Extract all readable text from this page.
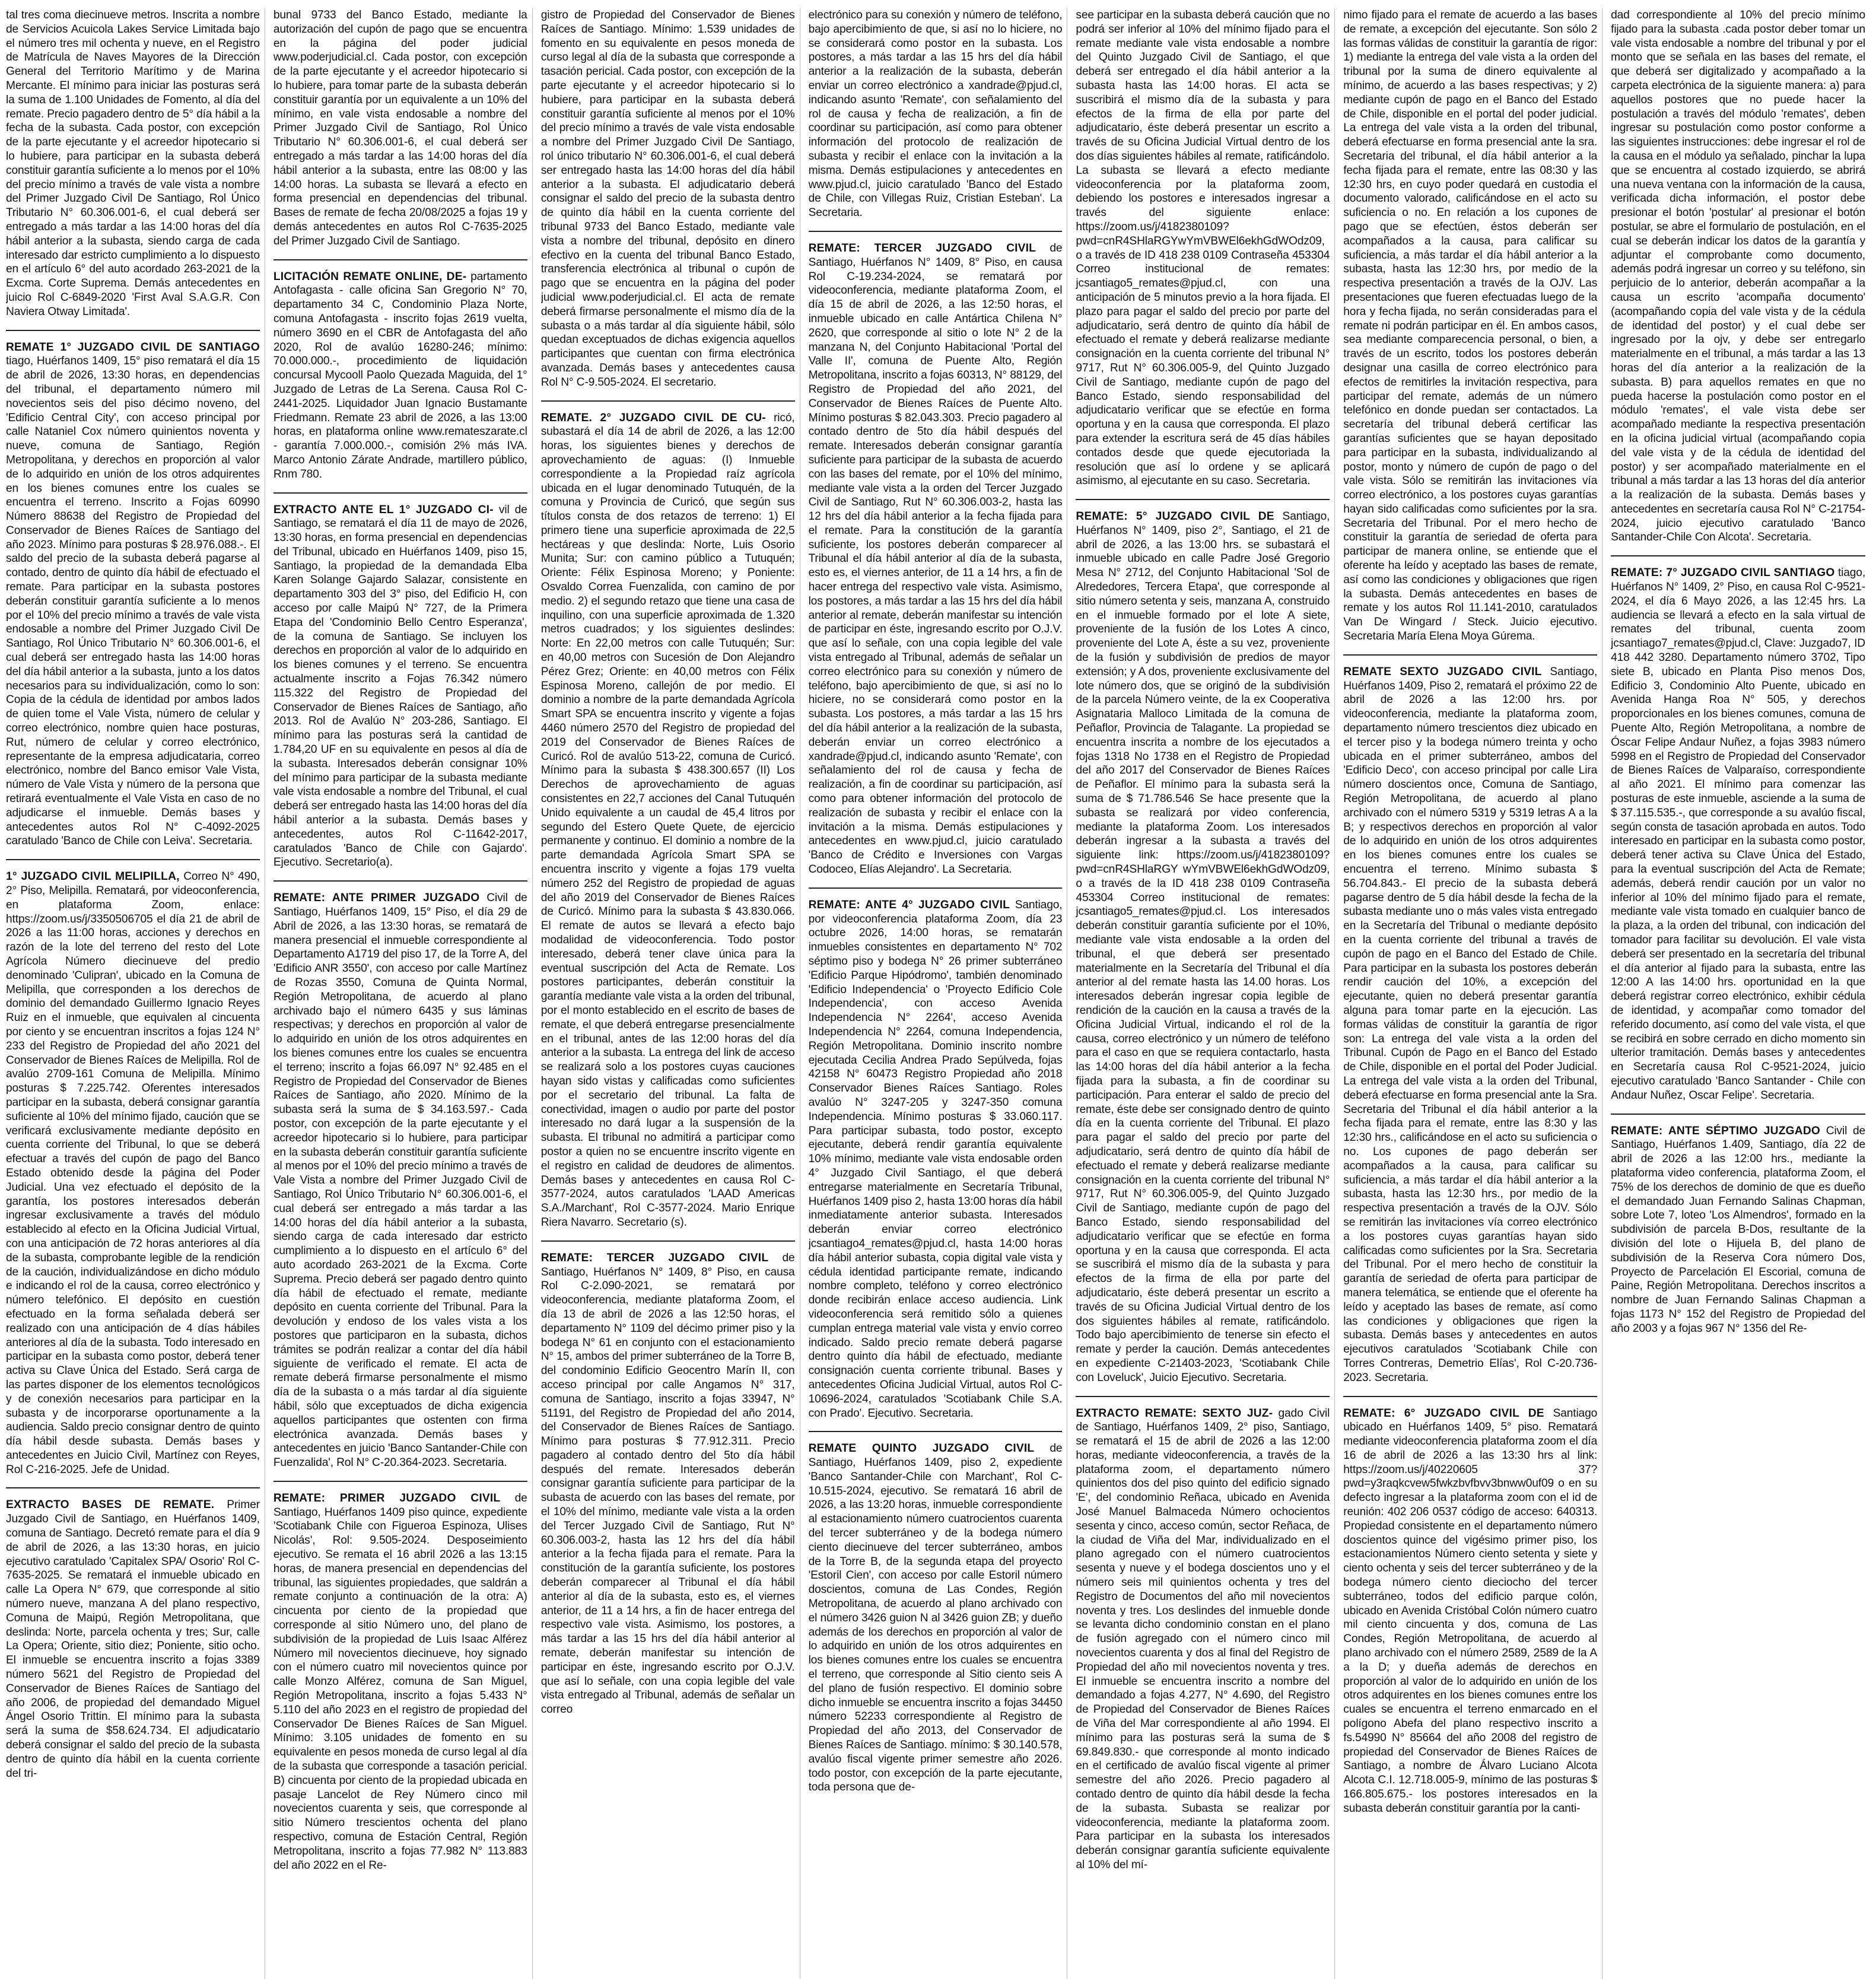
tal tres coma diecinueve metros. Inscrita a nombre de Servicios Acuicola Lakes Service Limitada bajo el número tres mil ochenta y nueve, en el Registro de Matrícula de Naves Mayores de la Dirección General del Territorio Marítimo y de Marina Mercante. El mínimo para iniciar las posturas será la suma de 1.100 Unidades de Fomento, al día del remate. Precio pagadero dentro de 5° día hábil a la fecha de la subasta. Cada postor, con excepción de la parte ejecutante y el acreedor hipotecario si lo hubiere, para participar en la subasta deberá constituir garantía suficiente a lo menos por el 10% del precio mínimo a través de vale vista a nombre del Primer Juzgado Civil De Santiago, Rol Único Tributario N° 60.306.001-6, el cual deberá ser entregado a más tardar a las 14:00 horas del día hábil anterior a la subasta, siendo carga de cada interesado dar estricto cumplimiento a lo dispuesto en el artículo 6° del auto acordado 263-2021 de la Excma. Corte Suprema. Demás antecedentes en juicio Rol C-6849-2020 'First Aval S.A.G.R. Con Naviera Otway Limitada'.

REMATE 1° JUZGADO CIVIL DE SANTIAGO tiago, Huérfanos 1409, 15° piso rematará el día 15 de abril de 2026, 13:30 horas, en dependencias del tribunal, el departamento número mil novecientos seis del piso décimo noveno, del 'Edificio Central City', con acceso principal por calle Nataniel Cox número quinientos noventa y nueve, comuna de Santiago, Región Metropolitana, y derechos en proporción al valor de lo adquirido en unión de los otros adquirentes en los bienes comunes entre los cuales se encuentra el terreno. Inscrito a Fojas 60990 Número 88638 del Registro de Propiedad del Conservador de Bienes Raíces de Santiago del año 2023. Mínimo para posturas $ 28.976.088.-. El saldo del precio de la subasta deberá pagarse al contado, dentro de quinto día hábil de efectuado el remate. Para participar en la subasta postores deberán constituir garantía suficiente a lo menos por el 10% del precio mínimo a través de vale vista endosable a nombre del Primer Juzgado Civil De Santiago, Rol Único Tributario N° 60.306.001-6, el cual deberá ser entregado hasta las 14:00 horas del día hábil anterior a la subasta, junto a los datos necesarios para su individualización, como lo son: Copia de la cédula de identidad por ambos lados de quien tome el Vale Vista, número de celular y correo electrónico, nombre quien hace posturas, Rut, número de celular y correo electrónico, representante de la empresa adjudicataria, correo electrónico, nombre del Banco emisor Vale Vista, número de Vale Vista y número de la persona que retirará eventualmente el Vale Vista en caso de no adjudicarse el inmueble. Demás bases y antecedentes autos Rol N° C-4092-2025 caratulado 'Banco de Chile con Leiva'. Secretaria.

1° JUZGADO CIVIL MELIPILLA, Correo N° 490, 2° Piso, Melipilla. Rematará, por videoconferencia, en plataforma Zoom, enlace: https://zoom.us/j/3350506705 el día 21 de abril de 2026 a las 11:00 horas, acciones y derechos en razón de la lote del terreno del resto del Lote Agrícola Número diecinueve del predio denominado 'Culipran', ubicado en la Comuna de Melipilla, que corresponden a los derechos de dominio del demandado Guillermo Ignacio Reyes Ruiz en el inmueble, que equivalen al cincuenta por ciento y se encuentran inscritos a fojas 124 N° 233 del Registro de Propiedad del año 2021 del Conservador de Bienes Raíces de Melipilla. Rol de avalúo 2709-161 Comuna de Melipilla. Mínimo posturas $ 7.225.742. Oferentes interesados participar en la subasta, deberá consignar garantía suficiente al 10% del mínimo fijado, caución que se verificará exclusivamente mediante depósito en cuenta corriente del Tribunal, lo que se deberá efectuar a través del cupón de pago del Banco Estado obtenido desde la página del Poder Judicial. Una vez efectuado el depósito de la garantía, los postores interesados deberán ingresar exclusivamente a través del módulo establecido al efecto en la Oficina Judicial Virtual, con una anticipación de 72 horas anteriores al día de la subasta, comprobante legible de la rendición de la caución, individualizándose en dicho módulo e indicando el rol de la causa, correo electrónico y número telefónico. El depósito en cuestión efectuado en la forma señalada deberá ser realizado con una anticipación de 4 días hábiles anteriores al día de la subasta. Todo interesado en participar en la subasta como postor, deberá tener activa su Clave Única del Estado. Será carga de las partes disponer de los elementos tecnológicos y de conexión necesarios para participar en la subasta y de incorporarse oportunamente a la audiencia. Saldo precio consignar dentro de quinto día hábil desde subasta. Demás bases y antecedentes en Juicio Civil, Martínez con Reyes, Rol C-216-2025. Jefe de Unidad.

EXTRACTO BASES DE REMATE. Primer Juzgado Civil de Santiago, en Huérfanos 1409, comuna de Santiago. Decretó remate para el día 9 de abril de 2026, a las 13:30 horas, en juicio ejecutivo caratulado 'Capitalex SPA/ Osorio' Rol C-7635-2025. Se rematará el inmueble ubicado en calle La Opera N° 679, que corresponde al sitio número nueve, manzana A del plano respectivo, Comuna de Maipú, Región Metropolitana, que deslinda: Norte, parcela ochenta y tres; Sur, calle La Opera; Oriente, sitio diez; Poniente, sitio ocho. El inmueble se encuentra inscrito a fojas 3389 número 5621 del Registro de Propiedad del Conservador de Bienes Raíces de Santiago del año 2006, de propiedad del demandado Miguel Ángel Osorio Trittin. El mínimo para la subasta será la suma de $58.624.734. El adjudicatario deberá consignar el saldo del precio de la subasta dentro de quinto día hábil en la cuenta corriente del tri-

bunal 9733 del Banco Estado, mediante la autorización del cupón de pago que se encuentra en la página del poder judicial www.poderjudicial.cl. Cada postor, con excepción de la parte ejecutante y el acreedor hipotecario si lo hubiere, para tomar parte de la subasta deberán constituir garantía por un equivalente a un 10% del mínimo, en vale vista endosable a nombre del Primer Juzgado Civil de Santiago, Rol Único Tributario N° 60.306.001-6, el cual deberá ser entregado a más tardar a las 14:00 horas del día hábil anterior a la subasta, entre las 08:00 y las 14:00 horas. La subasta se llevará a efecto en forma presencial en dependencias del tribunal. Bases de remate de fecha 20/08/2025 a fojas 19 y demás antecedentes en autos Rol C-7635-2025 del Primer Juzgado Civil de Santiago.

LICITACIÓN REMATE ONLINE, DE- partamento Antofagasta - calle oficina San Gregorio N° 70, departamento 34 C, Condominio Plaza Norte, comuna Antofagasta - inscrito fojas 2619 vuelta, número 3690 en el CBR de Antofagasta del año 2020, Rol de avalúo 16280-246; mínimo: 70.000.000.-, procedimiento de liquidación concursal Mycooll Paolo Quezada Maguida, del 1° Juzgado de Letras de La Serena. Causa Rol C-2441-2025. Liquidador Juan Ignacio Bustamante Friedmann. Remate 23 abril de 2026, a las 13:00 horas, en plataforma online www.remateszarate.cl - garantía 7.000.000.-, comisión 2% más IVA. Marco Antonio Zárate Andrade, martillero público, Rnm 780.

EXTRACTO ANTE EL 1° JUZGADO CI- vil de Santiago, se rematará el día 11 de mayo de 2026, 13:30 horas, en forma presencial en dependencias del Tribunal, ubicado en Huérfanos 1409, piso 15, Santiago, la propiedad de la demandada Elba Karen Solange Gajardo Salazar, consistente en departamento 303 del 3° piso, del Edificio H, con acceso por calle Maipú N° 727, de la Primera Etapa del 'Condominio Bello Centro Esperanza', de la comuna de Santiago. Se incluyen los derechos en proporción al valor de lo adquirido en los bienes comunes y el terreno. Se encuentra actualmente inscrito a Fojas 76.342 número 115.322 del Registro de Propiedad del Conservador de Bienes Raíces de Santiago, año 2013. Rol de Avalúo N° 203-286, Santiago. El mínimo para las posturas será la cantidad de 1.784,20 UF en su equivalente en pesos al día de la subasta. Interesados deberán consignar 10% del mínimo para participar de la subasta mediante vale vista endosable a nombre del Tribunal, el cual deberá ser entregado hasta las 14:00 horas del día hábil anterior a la subasta. Demás bases y antecedentes, autos Rol C-11642-2017, caratulados 'Banco de Chile con Gajardo'. Ejecutivo. Secretario(a).

REMATE: ANTE PRIMER JUZGADO Civil de Santiago, Huérfanos 1409, 15° Piso, el día 29 de Abril de 2026, a las 13:30 horas, se rematará de manera presencial el inmueble correspondiente al Departamento A1719 del piso 17, de la Torre A, del 'Edificio ANR 3550', con acceso por calle Martínez de Rozas 3550, Comuna de Quinta Normal, Región Metropolitana, de acuerdo al plano archivado bajo el número 6435 y sus láminas respectivas; y derechos en proporción al valor de lo adquirido en unión de los otros adquirentes en los bienes comunes entre los cuales se encuentra el terreno; inscrito a fojas 66.097 N° 92.485 en el Registro de Propiedad del Conservador de Bienes Raíces de Santiago, año 2020. Mínimo de la subasta será la suma de $ 34.163.597.- Cada postor, con excepción de la parte ejecutante y el acreedor hipotecario si lo hubiere, para participar en la subasta deberán constituir garantía suficiente al menos por el 10% del precio mínimo a través de Vale Vista a nombre del Primer Juzgado Civil de Santiago, Rol Único Tributario N° 60.306.001-6, el cual deberá ser entregado a más tardar a las 14:00 horas del día hábil anterior a la subasta, siendo carga de cada interesado dar estricto cumplimiento a lo dispuesto en el artículo 6° del auto acordado 263-2021 de la Excma. Corte Suprema. Precio deberá ser pagado dentro quinto día hábil de efectuado el remate, mediante depósito en cuenta corriente del Tribunal. Para la devolución y endoso de los vales vista a los postores que participaron en la subasta, dichos trámites se podrán realizar a contar del día hábil siguiente de verificado el remate. El acta de remate deberá firmarse personalmente el mismo día de la subasta o a más tardar al día siguiente hábil, sólo que exceptuados de dicha exigencia aquellos participantes que ostenten con firma electrónica avanzada. Demás bases y antecedentes en juicio 'Banco Santander-Chile con Fuenzalida', Rol N° C-20.364-2023. Secretaria.

REMATE: PRIMER JUZGADO CIVIL de Santiago, Huérfanos 1409 piso quince, expediente 'Scotiabank Chile con Figueroa Espinoza, Ulises Nicolás', Rol: 9.505-2024. Desposeimiento ejecutivo. Se remata el 16 abril 2026 a las 13:15 horas, de manera presencial en dependencias del tribunal, las siguientes propiedades, que saldrán a remate conjunto a continuación de la otra: A) cincuenta por ciento de la propiedad que corresponde al sitio Número uno, del plano de subdivisión de la propiedad de Luis Isaac Alférez Número mil novecientos diecinueve, hoy signado con el número cuatro mil novecientos quince por calle Monzo Alférez, comuna de San Miguel, Región Metropolitana, inscrito a fojas 5.433 N° 5.110 del año 2023 en el registro de propiedad del Conservador De Bienes Raíces de San Miguel. Mínimo: 3.105 unidades de fomento en su equivalente en pesos moneda de curso legal al día de la subasta que corresponde a tasación pericial. B) cincuenta por ciento de la propiedad ubicada en pasaje Lancelot de Rey Número cinco mil novecientos cuarenta y seis, que corresponde al sitio Número trescientos ochenta del plano respectivo, comuna de Estación Central, Región Metropolitana, inscrito a fojas 77.982 N° 113.883 del año 2022 en el Re-

gistro de Propiedad del Conservador de Bienes Raíces de Santiago. Mínimo: 1.539 unidades de fomento en su equivalente en pesos moneda de curso legal al día de la subasta que corresponde a tasación pericial. Cada postor, con excepción de la parte ejecutante y el acreedor hipotecario si lo hubiere, para participar en la subasta deberá constituir garantía suficiente al menos por el 10% del precio mínimo a través de vale vista endosable a nombre del Primer Juzgado Civil De Santiago, rol único tributario N° 60.306.001-6, el cual deberá ser entregado hasta las 14:00 horas del día hábil anterior a la subasta. El adjudicatario deberá consignar el saldo del precio de la subasta dentro de quinto día hábil en la cuenta corriente del tribunal 9733 del Banco Estado, mediante vale vista a nombre del tribunal, depósito en dinero efectivo en la cuenta del tribunal Banco Estado, transferencia electrónica al tribunal o cupón de pago que se encuentra en la página del poder judicial www.poderjudicial.cl. El acta de remate deberá firmarse personalmente el mismo día de la subasta o a más tardar al día siguiente hábil, sólo quedan exceptuados de dichas exigencia aquellos participantes que cuentan con firma electrónica avanzada. Demás bases y antecedentes causa Rol N° C-9.505-2024. El secretario.

REMATE. 2° JUZGADO CIVIL DE CU- ricó, subastará el día 14 de abril de 2026, a las 12:00 horas, los siguientes bienes y derechos de aprovechamiento de aguas: (I) Inmueble correspondiente a la Propiedad raíz agrícola ubicada en el lugar denominado Tutuquén, de la comuna y Provincia de Curicó, que según sus títulos consta de dos retazos de terreno: 1) El primero tiene una superficie aproximada de 22,5 hectáreas y que deslinda: Norte, Luis Osorio Munita; Sur: con camino público a Tutuquén; Oriente: Félix Espinosa Moreno; y Poniente: Osvaldo Correa Fuenzalida, con camino de por medio. 2) el segundo retazo que tiene una casa de inquilino, con una superficie aproximada de 1.320 metros cuadrados; y los siguientes deslindes: Norte: En 22,00 metros con calle Tutuquén; Sur: en 40,00 metros con Sucesión de Don Alejandro Pérez Grez; Oriente: en 40,00 metros con Félix Espinosa Moreno, callejón de por medio. El dominio a nombre de la parte demandada Agrícola Smart SPA se encuentra inscrito y vigente a fojas 4460 número 2570 del Registro de propiedad del 2019 del Conservador de Bienes Raíces de Curicó. Rol de avalúo 513-22, comuna de Curicó. Mínimo para la subasta $ 438.300.657 (II) Los Derechos de aprovechamiento de aguas consistentes en 22,7 acciones del Canal Tutuquén Unido equivalente a un caudal de 45,4 litros por segundo del Estero Quete Quete, de ejercicio permanente y continuo. El dominio a nombre de la parte demandada Agrícola Smart SPA se encuentra inscrito y vigente a fojas 179 vuelta número 252 del Registro de propiedad de aguas del año 2019 del Conservador de Bienes Raíces de Curicó. Mínimo para la subasta $ 43.830.066. El remate de autos se llevará a efecto bajo modalidad de videoconferencia. Todo postor interesado, deberá tener clave única para la eventual suscripción del Acta de Remate. Los postores participantes, deberán constituir la garantía mediante vale vista a la orden del tribunal, por el monto establecido en el escrito de bases de remate, el que deberá entregarse presencialmente en el tribunal, antes de las 12:00 horas del día anterior a la subasta. La entrega del link de acceso se realizará solo a los postores cuyas cauciones hayan sido vistas y calificadas como suficientes por el secretario del tribunal. La falta de conectividad, imagen o audio por parte del postor interesado no dará lugar a la suspensión de la subasta. El tribunal no admitirá a participar como postor a quien no se encuentre inscrito vigente en el registro en calidad de deudores de alimentos. Demás bases y antecedentes en causa Rol C-3577-2024, autos caratulados 'LAAD Americas S.A./Marchant', Rol C-3577-2024. Mario Enrique Riera Navarro. Secretario (s).

REMATE: TERCER JUZGADO CIVIL de Santiago, Huérfanos N° 1409, 8° Piso, en causa Rol C-2.090-2021, se rematará por videoconferencia, mediante plataforma Zoom, el día 13 de abril de 2026 a las 12:50 horas, el departamento N° 1109 del décimo primer piso y la bodega N° 61 en conjunto con el estacionamiento N° 15, ambos del primer subterráneo de la Torre B, del condominio Edificio Geocentro Marín II, con acceso principal por calle Angamos N° 317, comuna de Santiago, inscrito a fojas 33947, N° 51191, del Registro de Propiedad del año 2014, del Conservador de Bienes Raíces de Santiago. Mínimo para posturas $ 77.912.311. Precio pagadero al contado dentro del 5to día hábil después del remate. Interesados deberán consignar garantía suficiente para participar de la subasta de acuerdo con las bases del remate, por el 10% del mínimo, mediante vale vista a la orden del Tercer Juzgado Civil de Santiago, Rut N° 60.306.003-2, hasta las 12 hrs del día hábil anterior a la fecha fijada para el remate. Para la constitución de la garantía suficiente, los postores deberán comparecer al Tribunal el día hábil anterior al día de la subasta, esto es, el viernes anterior, de 11 a 14 hrs, a fin de hacer entrega del respectivo vale vista. Asimismo, los postores, a más tardar a las 15 hrs del día hábil anterior al remate, deberán manifestar su intención de participar en éste, ingresando escrito por O.J.V. que así lo señale, con una copia legible del vale vista entregado al Tribunal, además de señalar un correo

electrónico para su conexión y número de teléfono, bajo apercibimiento de que, si así no lo hiciere, no se considerará como postor en la subasta. Los postores, a más tardar a las 15 hrs del día hábil anterior a la realización de la subasta, deberán enviar un correo electrónico a xandrade@pjud.cl, indicando asunto 'Remate', con señalamiento del rol de causa y fecha de realización, a fin de coordinar su participación, así como para obtener información del protocolo de realización de subasta y recibir el enlace con la invitación a la misma. Demás estipulaciones y antecedentes en www.pjud.cl, juicio caratulado 'Banco del Estado de Chile, con Villegas Ruiz, Cristian Esteban'. La Secretaria.

REMATE: TERCER JUZGADO CIVIL de Santiago, Huérfanos N° 1409, 8° Piso, en causa Rol C-19.234-2024, se rematará por videoconferencia, mediante plataforma Zoom, el día 15 de abril de 2026, a las 12:50 horas, el inmueble ubicado en calle Antártica Chilena N° 2620, que corresponde al sitio o lote N° 2 de la manzana N, del Conjunto Habitacional 'Portal del Valle II', comuna de Puente Alto, Región Metropolitana, inscrito a fojas 60313, N° 88129, del Registro de Propiedad del año 2021, del Conservador de Bienes Raíces de Puente Alto. Mínimo posturas $ 82.043.303. Precio pagadero al contado dentro de 5to día hábil después del remate. Interesados deberán consignar garantía suficiente para participar de la subasta de acuerdo con las bases del remate, por el 10% del mínimo, mediante vale vista a la orden del Tercer Juzgado Civil de Santiago, Rut N° 60.306.003-2, hasta las 12 hrs del día hábil anterior a la fecha fijada para el remate. Para la constitución de la garantía suficiente, los postores deberán comparecer al Tribunal el día hábil anterior al día de la subasta, esto es, el viernes anterior, de 11 a 14 hrs, a fin de hacer entrega del respectivo vale vista. Asimismo, los postores, a más tardar a las 15 hrs del día hábil anterior al remate, deberán manifestar su intención de participar en éste, ingresando escrito por O.J.V. que así lo señale, con una copia legible del vale vista entregado al Tribunal, además de señalar un correo electrónico para su conexión y número de teléfono, bajo apercibimiento de que, si así no lo hiciere, no se considerará como postor en la subasta. Los postores, a más tardar a las 15 hrs del día hábil anterior a la realización de la subasta, deberán enviar un correo electrónico a xandrade@pjud.cl, indicando asunto 'Remate', con señalamiento del rol de causa y fecha de realización, a fin de coordinar su participación, así como para obtener información del protocolo de realización de subasta y recibir el enlace con la invitación a la misma. Demás estipulaciones y antecedentes en www.pjud.cl, juicio caratulado 'Banco de Crédito e Inversiones con Vargas Codoceo, Elías Alejandro'. La Secretaria.

REMATE: ANTE 4° JUZGADO CIVIL Santiago, por videoconferencia plataforma Zoom, día 23 octubre 2026, 14:00 horas, se rematarán inmuebles consistentes en departamento N° 702 séptimo piso y bodega N° 26 primer subterráneo 'Edificio Parque Hipódromo', también denominado 'Edificio Independencia' o 'Proyecto Edificio Cole Independencia', con acceso Avenida Independencia N° 2264', acceso Avenida Independencia N° 2264, comuna Independencia, Región Metropolitana. Dominio inscrito nombre ejecutada Cecilia Andrea Prado Sepúlveda, fojas 42158 N° 60473 Registro Propiedad año 2018 Conservador Bienes Raíces Santiago. Roles avalúo N° 3247-205 y 3247-350 comuna Independencia. Mínimo posturas $ 33.060.117. Para participar subasta, todo postor, excepto ejecutante, deberá rendir garantía equivalente 10% mínimo, mediante vale vista endosable orden 4° Juzgado Civil Santiago, el que deberá entregarse materialmente en Secretaría Tribunal, Huérfanos 1409 piso 2, hasta 13:00 horas día hábil inmediatamente anterior subasta. Interesados deberán enviar correo electrónico jcsantiago4_remates@pjud.cl, hasta 14:00 horas día hábil anterior subasta, copia digital vale vista y cédula identidad participante remate, indicando nombre completo, teléfono y correo electrónico donde recibirán enlace acceso audiencia. Link videoconferencia será remitido sólo a quienes cumplan entrega material vale vista y envío correo indicado. Saldo precio remate deberá pagarse dentro quinto día hábil de efectuado, mediante consignación cuenta corriente tribunal. Bases y antecedentes Oficina Judicial Virtual, autos Rol C-10696-2024, caratulados 'Scotiabank Chile S.A. con Prado'. Ejecutivo. Secretaria.

REMATE QUINTO JUZGADO CIVIL de Santiago, Huérfanos 1409, piso 2, expediente 'Banco Santander-Chile con Marchant', Rol C-10.515-2024, ejecutivo. Se rematará 16 abril de 2026, a las 13:20 horas, inmueble correspondiente al estacionamiento número cuatrocientos cuarenta del tercer subterráneo y de la bodega número ciento diecinueve del tercer subterráneo, ambos de la Torre B, de la segunda etapa del proyecto 'Estoril Cien', con acceso por calle Estoril número doscientos, comuna de Las Condes, Región Metropolitana, de acuerdo al plano archivado con el número 3426 guion N al 3426 guion ZB; y dueño además de los derechos en proporción al valor de lo adquirido en unión de los otros adquirentes en los bienes comunes entre los cuales se encuentra el terreno, que corresponde al Sitio ciento seis A del plano de fusión respectivo. El dominio sobre dicho inmueble se encuentra inscrito a fojas 34450 número 52233 correspondiente al Registro de Propiedad del año 2013, del Conservador de Bienes Raíces de Santiago. mínimo: $ 30.140.578, avalúo fiscal vigente primer semestre año 2026. todo postor, con excepción de la parte ejecutante, toda persona que de-

see participar en la subasta deberá caución que no podrá ser inferior al 10% del mínimo fijado para el remate mediante vale vista endosable a nombre del Quinto Juzgado Civil de Santiago, el que deberá ser entregado el día hábil anterior a la subasta hasta las 14:00 horas. El acta se suscribirá el mismo día de la subasta y para efectos de la firma de ella por parte del adjudicatario, éste deberá presentar un escrito a través de su Oficina Judicial Virtual dentro de los dos días siguientes hábiles al remate, ratificándolo. La subasta se llevará a efecto mediante videoconferencia por la plataforma zoom, debiendo los postores e interesados ingresar a través del siguiente enlace: https://zoom.us/j/4182380109?pwd=cnR4SHlaRGYwYmVBWEl6ekhGdWOdz09, o a través de ID 418 238 0109 Contraseña 453304 Correo institucional de remates: jcsantiago5_remates@pjud.cl, con una anticipación de 5 minutos previo a la hora fijada. El plazo para pagar el saldo del precio por parte del adjudicatario, será dentro de quinto día hábil de efectuado el remate y deberá realizarse mediante consignación en la cuenta corriente del tribunal N° 9717, Rut N° 60.306.005-9, del Quinto Juzgado Civil de Santiago, mediante cupón de pago del Banco Estado, siendo responsabilidad del adjudicatario verificar que se efectúe en forma oportuna y en la causa que corresponda. El plazo para extender la escritura será de 45 días hábiles contados desde que quede ejecutoriada la resolución que así lo ordene y se aplicará asimismo, al ejecutante en su caso. Secretaria.

REMATE: 5° JUZGADO CIVIL DE Santiago, Huérfanos N° 1409, piso 2°, Santiago, el 21 de abril de 2026, a las 13:00 hrs. se subastará el inmueble ubicado en calle Padre José Gregorio Mesa N° 2712, del Conjunto Habitacional 'Sol de Alrededores, Tercera Etapa', que corresponde al sitio número setenta y seis, manzana A, construido en el inmueble formado por el lote A siete, proveniente de la fusión de los Lotes A cinco, proveniente del Lote A, éste a su vez, proveniente de la fusión y subdivisión de predios de mayor extensión; y A dos, proveniente exclusivamente del lote número dos, que se originó de la subdivisión de la parcela Número veinte, de la ex Cooperativa Asignataria Malloco Limitada de la comuna de Peñaflor, Provincia de Talagante. La propiedad se encuentra inscrita a nombre de los ejecutados a fojas 1318 No 1738 en el Registro de Propiedad del año 2017 del Conservador de Bienes Raíces de Peñaflor. El mínimo para la subasta será la suma de $ 71.786.546 Se hace presente que la subasta se realizará por video conferencia, mediante la plataforma Zoom. Los interesados deberán ingresar a la subasta a través del siguiente link: https://zoom.us/j/4182380109? pwd=cnR4SHlaRGY wYmVBWEl6ekhGdWOdz09, o a través de la ID 418 238 0109 Contraseña 453304 Correo institucional de remates: jcsantiago5_remates@pjud.cl. Los interesados deberán constituir garantía suficiente por el 10%, mediante vale vista endosable a la orden del tribunal, el que deberá ser presentado materialmente en la Secretaría del Tribunal el día anterior al del remate hasta las 14.00 horas. Los interesados deberán ingresar copia legible de rendición de la caución en la causa a través de la Oficina Judicial Virtual, indicando el rol de la causa, correo electrónico y un número de teléfono para el caso en que se requiera contactarlo, hasta las 14:00 horas del día hábil anterior a la fecha fijada para la subasta, a fin de coordinar su participación. Para enterar el saldo de precio del remate, éste debe ser consignado dentro de quinto día en la cuenta corriente del Tribunal. El plazo para pagar el saldo del precio por parte del adjudicatario, será dentro de quinto día hábil de efectuado el remate y deberá realizarse mediante consignación en la cuenta corriente del tribunal N° 9717, Rut N° 60.306.005-9, del Quinto Juzgado Civil de Santiago, mediante cupón de pago del Banco Estado, siendo responsabilidad del adjudicatario verificar que se efectúe en forma oportuna y en la causa que corresponda. El acta se suscribirá el mismo día de la subasta y para efectos de la firma de ella por parte del adjudicatario, éste deberá presentar un escrito a través de su Oficina Judicial Virtual dentro de los dos siguientes hábiles al remate, ratificándolo. Todo bajo apercibimiento de tenerse sin efecto el remate y perder la caución. Demás antecedentes en expediente C-21403-2023, 'Scotiabank Chile con Loveluck', Juicio Ejecutivo. Secretaria.

EXTRACTO REMATE: SEXTO JUZ- gado Civil de Santiago, Huérfanos 1409, 2° piso, Santiago, se rematará el 15 de abril de 2026 a las 12:00 horas, mediante videoconferencia, a través de la plataforma zoom, el departamento número quinientos dos del piso quinto del edificio signado 'E', del condominio Reñaca, ubicado en Avenida José Manuel Balmaceda Número ochocientos sesenta y cinco, acceso común, sector Reñaca, de la ciudad de Viña del Mar, individualizado en el plano agregado con el número cuatrocientos sesenta y nueve y el bodega doscientos uno y el número seis mil quinientos ochenta y tres del Registro de Documentos del año mil novecientos noventa y tres. Los deslindes del inmueble donde se levanta dicho condominio constan en el plano de fusión agregado con el número cinco mil novecientos cuarenta y dos al final del Registro de Propiedad del año mil novecientos noventa y tres. El inmueble se encuentra inscrito a nombre del demandado a fojas 4.277, N° 4.690, del Registro de Propiedad del Conservador de Bienes Raíces de Viña del Mar correspondiente al año 1994. El mínimo para las posturas será la suma de $ 69.849.830.- que corresponde al monto indicado en el certificado de avalúo fiscal vigente al primer semestre del año 2026. Precio pagadero al contado dentro de quinto día hábil desde la fecha de la subasta. Subasta se realizar por videoconferencia, mediante la plataforma zoom. Para participar en la subasta los interesados deberán consignar garantía suficiente equivalente al 10% del mí-

nimo fijado para el remate de acuerdo a las bases de remate, a excepción del ejecutante. Son sólo 2 las formas válidas de constituir la garantía de rigor: 1) mediante la entrega del vale vista a la orden del tribunal por la suma de dinero equivalente al mínimo, de acuerdo a las bases respectivas; y 2) mediante cupón de pago en el Banco del Estado de Chile, disponible en el portal del poder judicial. La entrega del vale vista a la orden del tribunal, deberá efectuarse en forma presencial ante la sra. Secretaria del tribunal, el día hábil anterior a la fecha fijada para el remate, entre las 08:30 y las 12:30 hrs, en cuyo poder quedará en custodia el documento valorado, calificándose en el acto su suficiencia o no. En relación a los cupones de pago que se efectúen, éstos deberán ser acompañados a la causa, para calificar su suficiencia, a más tardar el día hábil anterior a la subasta, hasta las 12:30 hrs, por medio de la respectiva presentación a través de la OJV. Las presentaciones que fueren efectuadas luego de la hora y fecha fijada, no serán consideradas para el remate ni podrán participar en él. En ambos casos, sea mediante comparecencia personal, o bien, a través de un escrito, todos los postores deberán designar una casilla de correo electrónico para efectos de remitirles la invitación respectiva, para participar del remate, además de un número telefónico en donde puedan ser contactados. La secretaría del tribunal deberá certificar las garantías suficientes que se hayan depositado para participar en la subasta, individualizando al postor, monto y número de cupón de pago o del vale vista. Sólo se remitirán las invitaciones vía correo electrónico, a los postores cuyas garantías hayan sido calificadas como suficientes por la sra. Secretaria del Tribunal. Por el mero hecho de constituir la garantía de seriedad de oferta para participar de manera online, se entiende que el oferente ha leído y aceptado las bases de remate, así como las condiciones y obligaciones que rigen la subasta. Demás antecedentes en bases de remate y los autos Rol 11.141-2010, caratulados Van De Wingard / Steck. Juicio ejecutivo. Secretaria María Elena Moya Gúrema.

REMATE SEXTO JUZGADO CIVIL Santiago, Huérfanos 1409, Piso 2, rematará el próximo 22 de abril de 2026 a las 12:00 hrs. por videoconferencia, mediante la plataforma zoom, departamento número trescientos diez ubicado en el tercer piso y la bodega número treinta y ocho ubicada en el primer subterráneo, ambos del 'Edificio Deco', con acceso principal por calle Lira número doscientos once, Comuna de Santiago, Región Metropolitana, de acuerdo al plano archivado con el número 5319 y 5319 letras A a la B; y respectivos derechos en proporción al valor de lo adquirido en unión de los otros adquirentes en los bienes comunes entre los cuales se encuentra el terreno. Mínimo subasta $ 56.704.843.- El precio de la subasta deberá pagarse dentro de 5 día hábil desde la fecha de la subasta mediante uno o más vales vista entregado en la Secretaría del Tribunal o mediante depósito en la cuenta corriente del tribunal a través de cupón de pago en el Banco del Estado de Chile. Para participar en la subasta los postores deberán rendir caución del 10%, a excepción del ejecutante, quien no deberá presentar garantía alguna para tomar parte en la ejecución. Las formas válidas de constituir la garantía de rigor son: La entrega del vale vista a la orden del Tribunal. Cupón de Pago en el Banco del Estado de Chile, disponible en el portal del Poder Judicial. La entrega del vale vista a la orden del Tribunal, deberá efectuarse en forma presencial ante la Sra. Secretaria del Tribunal el día hábil anterior a la fecha fijada para el remate, entre las 8:30 y las 12:30 hrs., calificándose en el acto su suficiencia o no. Los cupones de pago deberán ser acompañados a la causa, para calificar su suficiencia, a más tardar el día hábil anterior a la subasta, hasta las 12:30 hrs., por medio de la respectiva presentación a través de la OJV. Sólo se remitirán las invitaciones vía correo electrónico a los postores cuyas garantías hayan sido calificadas como suficientes por la Sra. Secretaria del Tribunal. Por el mero hecho de constituir la garantía de seriedad de oferta para participar de manera telemática, se entiende que el oferente ha leído y aceptado las bases de remate, así como las condiciones y obligaciones que rigen la subasta. Demás bases y antecedentes en autos ejecutivos caratulados 'Scotiabank Chile con Torres Contreras, Demetrio Elías', Rol C-20.736-2023. Secretaria.

REMATE: 6° JUZGADO CIVIL DE Santiago ubicado en Huérfanos 1409, 5° piso. Rematará mediante videoconferencia plataforma zoom el día 16 de abril de 2026 a las 13:30 hrs al link: https://zoom.us/j/40220605 37?pwd=y3raqkcvew5fwkzbvfbvv3bnww0uf09 o en su defecto ingresar a la plataforma zoom con el id de reunión: 402 206 0537 código de acceso: 640313. Propiedad consistente en el departamento número doscientos quince del vigésimo primer piso, los estacionamientos Número ciento setenta y siete y ciento ochenta y seis del tercer subterráneo y de la bodega número ciento dieciocho del tercer subterráneo, todos del edificio parque colón, ubicado en Avenida Cristóbal Colón número cuatro mil ciento cincuenta y dos, comuna de Las Condes, Región Metropolitana, de acuerdo al plano archivado con el número 2589, 2589 de la A a la D; y dueña además de derechos en proporción al valor de lo adquirido en unión de los otros adquirentes en los bienes comunes entre los cuales se encuentra el terreno enmarcado en el polígono Abefa del plano respectivo inscrito a fs.54990 N° 85664 del año 2008 del registro de propiedad del Conservador de Bienes Raíces de Santiago, a nombre de Álvaro Luciano Alcota Alcota C.I. 12.718.005-9, mínimo de las posturas $ 166.805.675.- los postores interesados en la subasta deberán constituir garantía por la canti-

dad correspondiente al 10% del precio mínimo fijado para la subasta .cada postor deber tomar un vale vista endosable a nombre del tribunal y por el monto que se señala en las bases del remate, el que deberá ser digitalizado y acompañado a la carpeta electrónica de la siguiente manera: a) para aquellos postores que no puede hacer la postulación a través del módulo 'remates', deben ingresar su postulación como postor conforme a las siguientes instrucciones: debe ingresar el rol de la causa en el módulo ya señalado, pinchar la lupa que se encuentra al costado izquierdo, se abrirá una nueva ventana con la información de la causa, verificada dicha información, el postor debe presionar el botón 'postular' al presionar el botón postular, se abre el formulario de postulación, en el cual se deberán indicar los datos de la garantía y adjuntar el comprobante como documento, además podrá ingresar un correo y su teléfono, sin perjuicio de lo anterior, deberán acompañar a la causa un escrito 'acompaña documento' (acompañando copia del vale vista y de la cédula de identidad del postor) y el cual debe ser ingresado por la ojv, y debe ser entregarlo materialmente en el tribunal, a más tardar a las 13 horas del día anterior a la realización de la subasta. B) para aquellos remates en que no pueda hacerse la postulación como postor en el módulo 'remates', el vale vista debe ser acompañado mediante la respectiva presentación en la oficina judicial virtual (acompañando copia del vale vista y de la cédula de identidad del postor) y ser acompañado materialmente en el tribunal a más tardar a las 13 horas del día anterior a la realización de la subasta. Demás bases y antecedentes en secretaría causa Rol N° C-21754-2024, juicio ejecutivo caratulado 'Banco Santander-Chile Con Alcota'. Secretaria.

REMATE: 7° JUZGADO CIVIL SANTIAGO tiago, Huérfanos N° 1409, 2° Piso, en causa Rol C-9521-2024, el día 6 Mayo 2026, a las 12:45 hrs. La audiencia se llevará a efecto en la sala virtual de remates del tribunal, cuenta zoom jcsantiago7_remates@pjud.cl, Clave: Juzgado7, ID 418 442 3280. Departamento número 3702, Tipo siete B, ubicado en Planta Piso menos Dos, Edificio 3, Condominio Alto Puente, ubicado en Avenida Hanga Roa N° 505, y derechos proporcionales en los bienes comunes, comuna de Puente Alto, Región Metropolitana, a nombre de Óscar Felipe Andaur Nuñez, a fojas 3983 número 5998 en el Registro de Propiedad del Conservador de Bienes Raíces de Valparaíso, correspondiente al año 2021. El mínimo para comenzar las posturas de este inmueble, asciende a la suma de $ 37.115.535.-, que corresponde a su avalúo fiscal, según consta de tasación aprobada en autos. Todo interesado en participar en la subasta como postor, deberá tener activa su Clave Única del Estado, para la eventual suscripción del Acta de Remate; además, deberá rendir caución por un valor no inferior al 10% del mínimo fijado para el remate, mediante vale vista tomado en cualquier banco de la plaza, a la orden del tribunal, con indicación del tomador para facilitar su devolución. El vale vista deberá ser presentado en la secretaría del tribunal el día anterior al fijado para la subasta, entre las 12:00 A las 14:00 hrs. oportunidad en la que deberá registrar correo electrónico, exhibir cédula de identidad, y acompañar como tomador del referido documento, así como del vale vista, el que se recibirá en sobre cerrado en dicho momento sin ulterior tramitación. Demás bases y antecedentes en Secretaría causa Rol C-9521-2024, juicio ejecutivo caratulado 'Banco Santander - Chile con Andaur Nuñez, Oscar Felipe'. Secretaria.

REMATE: ANTE SÉPTIMO JUZGADO Civil de Santiago, Huérfanos 1.409, Santiago, día 22 de abril de 2026 a las 12:00 hrs., mediante la plataforma video conferencia, plataforma Zoom, el 75% de los derechos de dominio de que es dueño el demandado Juan Fernando Salinas Chapman, sobre Lote 7, loteo 'Los Almendros', formado en la subdivisión de parcela B-Dos, resultante de la división del lote o Hijuela B, del plano de subdivisión de la Reserva Cora número Dos, Proyecto de Parcelación El Escorial, comuna de Paine, Región Metropolitana. Derechos inscritos a nombre de Juan Fernando Salinas Chapman a fojas 1173 N° 152 del Registro de Propiedad del año 2003 y a fojas 967 N° 1356 del Re-
